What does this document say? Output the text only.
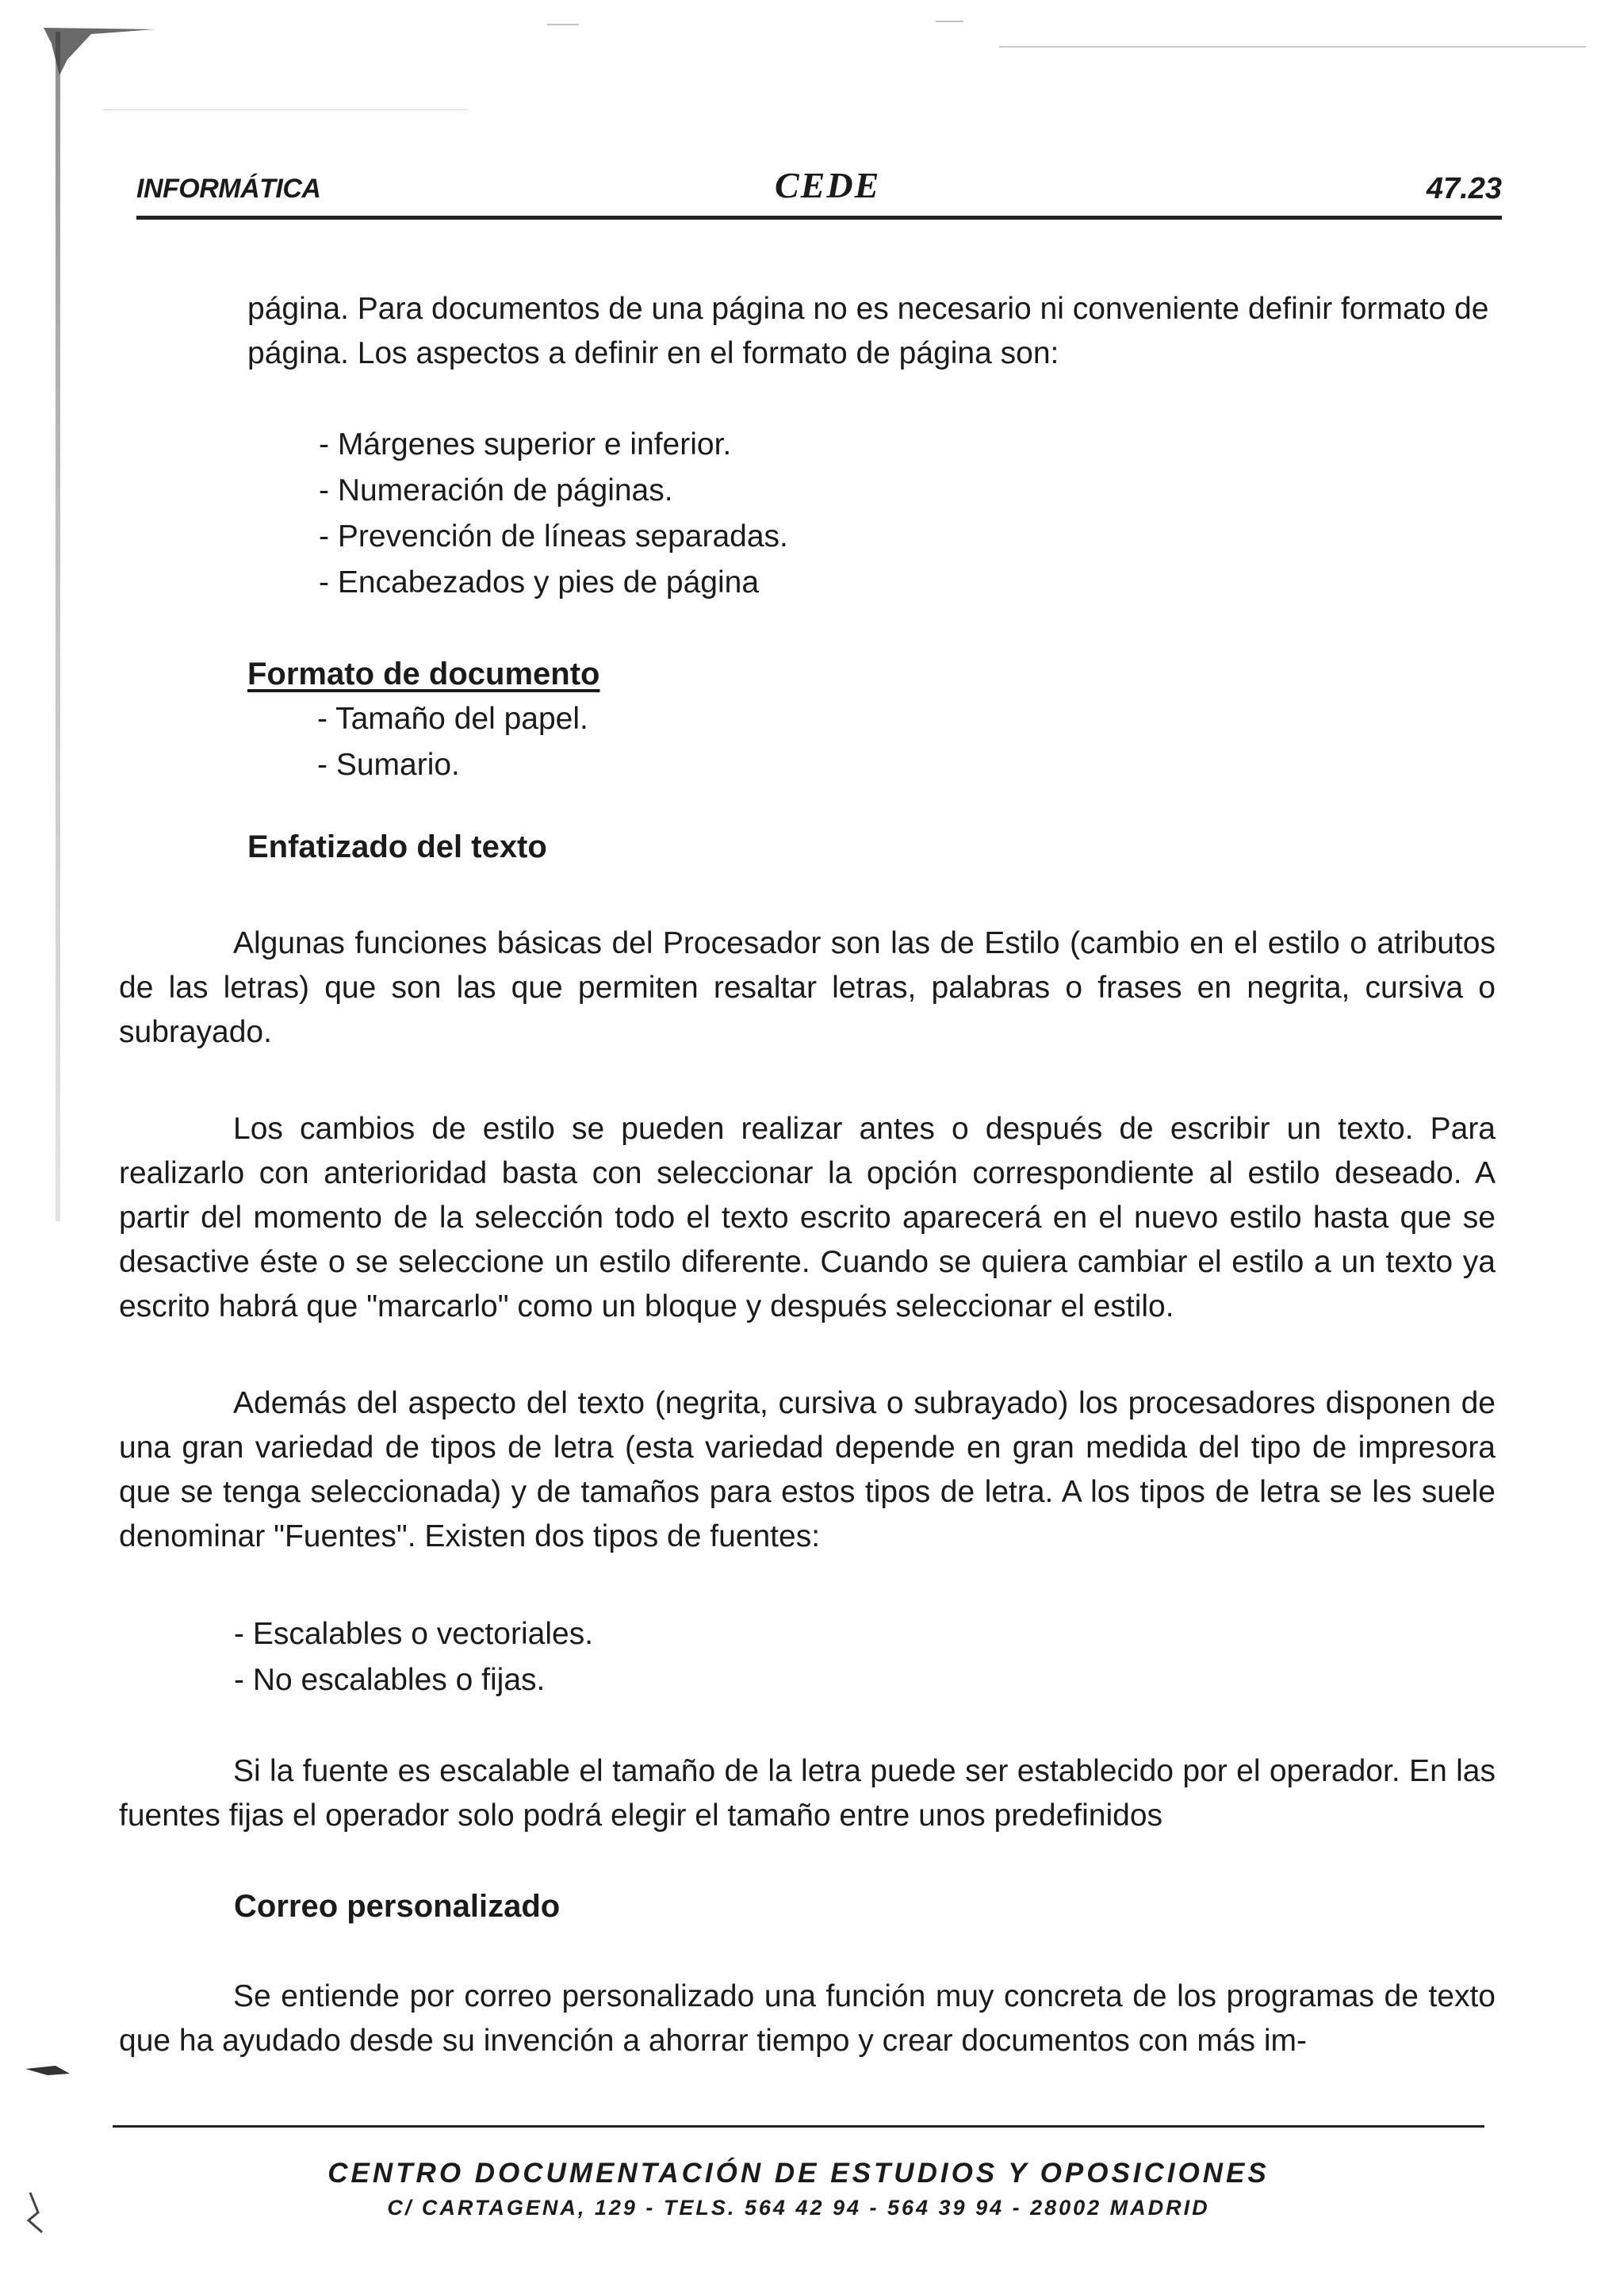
INFORMÁTICA	CEDE	47.23

página. Para documentos de una página no es necesario ni conveniente definir formato de página. Los aspectos a definir en el formato de página son:

- Márgenes superior e inferior.
- Numeración de páginas.
- Prevención de líneas separadas.
- Encabezados y pies de página
Formato de documento
- Tamaño del papel.
- Sumario.
Enfatizado del texto

Algunas funciones básicas del Procesador son las de Estilo (cambio en el estilo o atributos de las letras) que son las que permiten resaltar letras, palabras o frases en negrita, cursiva o subrayado.

Los cambios de estilo se pueden realizar antes o después de escribir un texto. Para realizarlo con anterioridad basta con seleccionar la opción correspondiente al estilo deseado. A partir del momento de la selección todo el texto escrito aparecerá en el nuevo estilo hasta que se desactive éste o se seleccione un estilo diferente. Cuando se quiera cambiar el estilo a un texto ya escrito habrá que "marcarlo" como un bloque y después seleccionar el estilo.

Además del aspecto del texto (negrita, cursiva o subrayado) los procesadores disponen de una gran variedad de tipos de letra (esta variedad depende en gran medida del tipo de impresora que se tenga seleccionada) y de tamaños para estos tipos de letra. A los tipos de letra se les suele denominar "Fuentes". Existen dos tipos de fuentes:

- Escalables o vectoriales.
- No escalables o fijas.

Si la fuente es escalable el tamaño de la letra puede ser establecido por el operador. En las fuentes fijas el operador solo podrá elegir el tamaño entre unos predefinidos

Correo personalizado

Se entiende por correo personalizado una función muy concreta de los programas de texto que ha ayudado desde su invención a ahorrar tiempo y crear documentos con más im-

CENTRO DOCUMENTACIÓN DE ESTUDIOS Y OPOSICIONES
C/ CARTAGENA, 129 - TELS. 564 42 94 - 564 39 94 - 28002 MADRID
